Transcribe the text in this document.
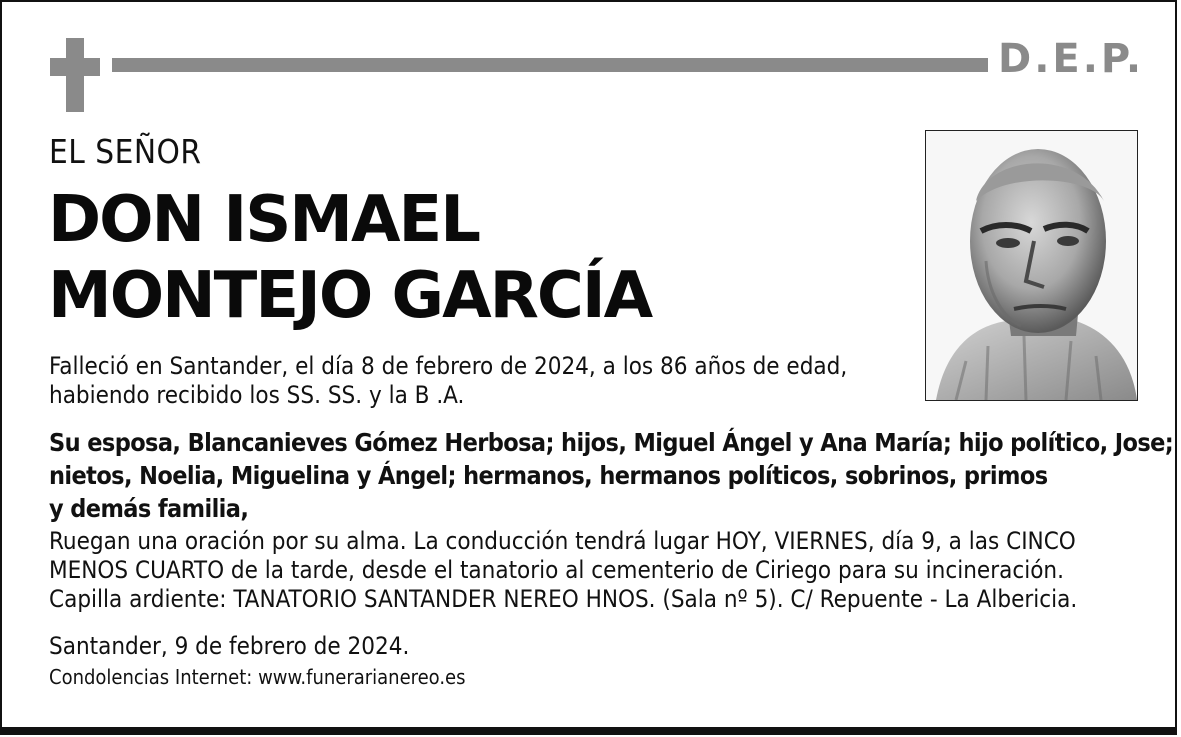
D.E.P.
EL SEÑOR
DON ISMAEL
MONTEJO GARCÍA

Falleció en Santander, el día 8 de febrero de 2024, a los 86 años de edad,
habiendo recibido los SS. SS. y la B .A.

Su esposa, Blancanieves Gómez Herbosa; hijos, Miguel Ángel y Ana María; hijo político, Jose;
nietos, Noelia, Miguelina y Ángel; hermanos, hermanos políticos, sobrinos, primos
y demás familia,

Ruegan una oración por su alma. La conducción tendrá lugar HOY, VIERNES, día 9, a las CINCO
MENOS CUARTO de la tarde, desde el tanatorio al cementerio de Ciriego para su incineración.
Capilla ardiente: TANATORIO SANTANDER NEREO HNOS. (Sala nº 5). C/ Repuente - La Albericia.

Santander, 9 de febrero de 2024.

Condolencias Internet: www.funerarianereo.es
